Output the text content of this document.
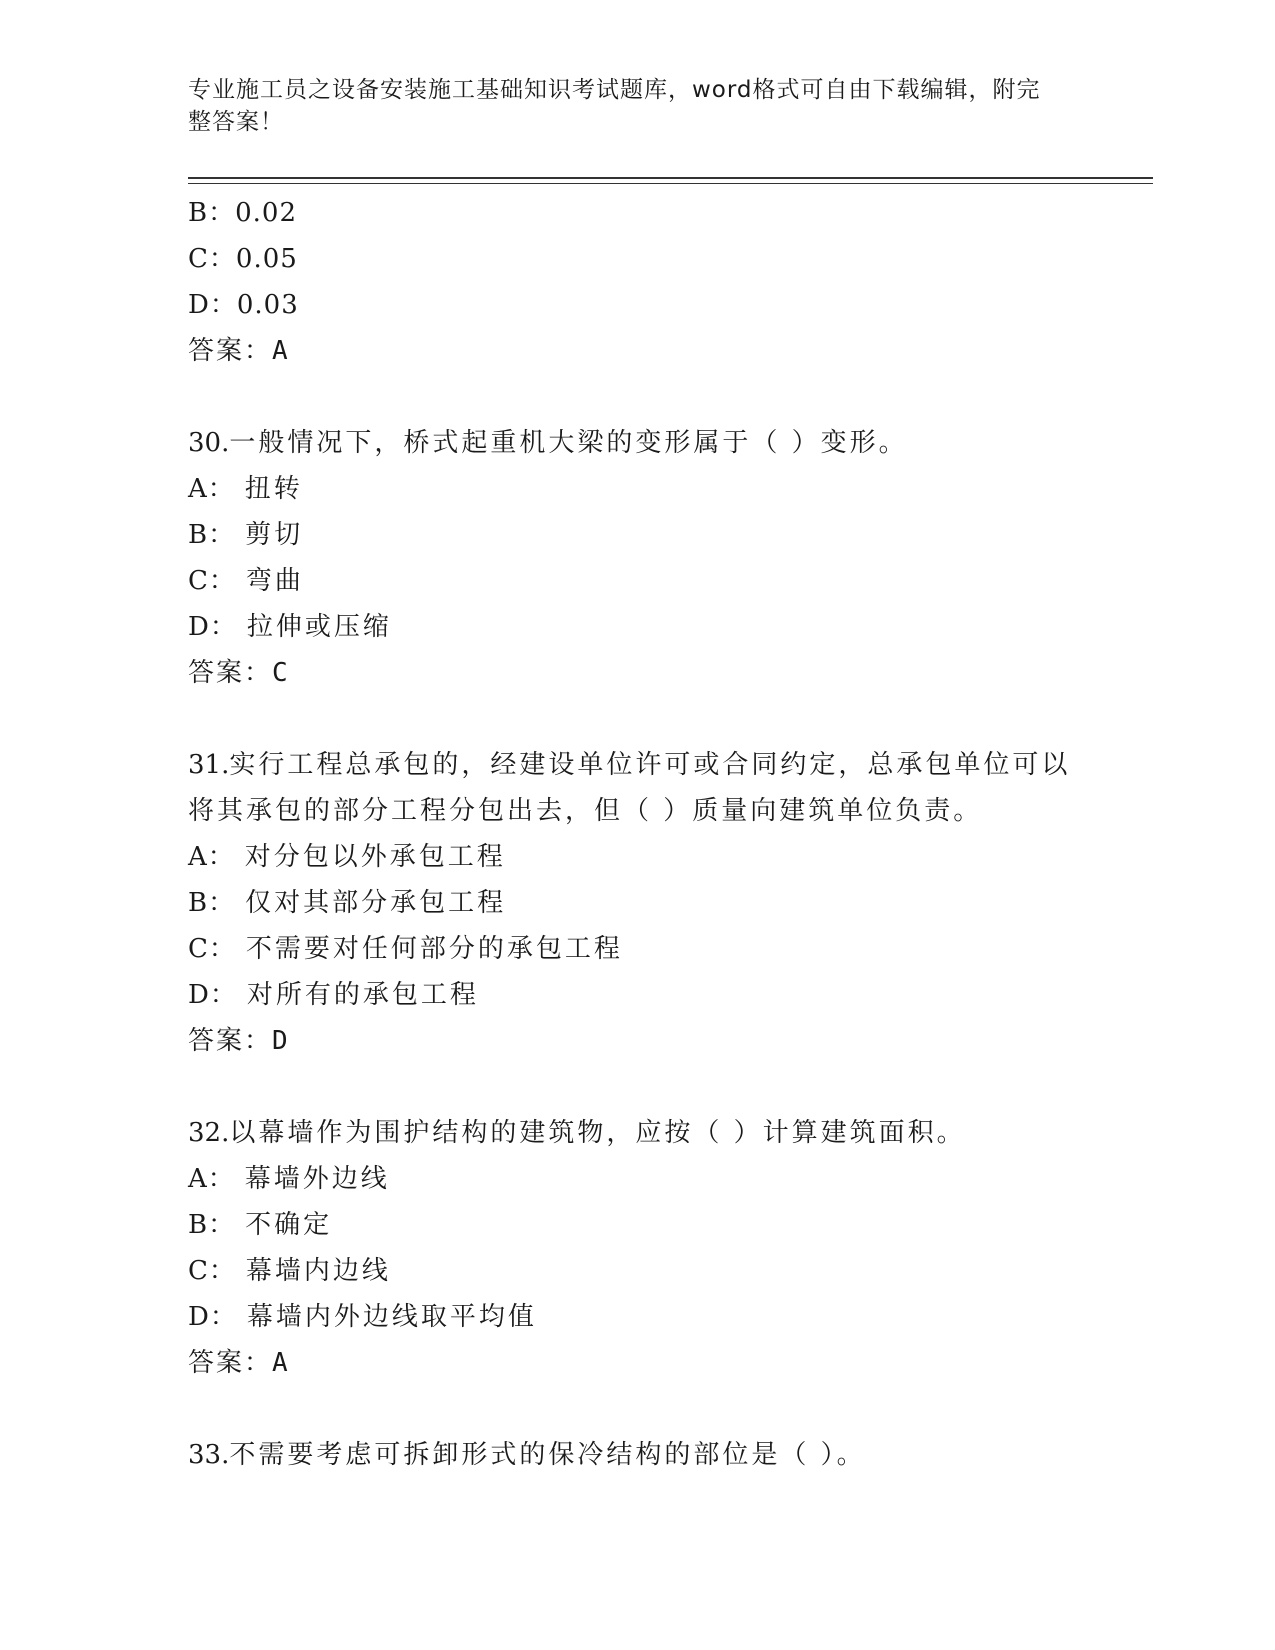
专业施工员之设备安装施工基础知识考试题库，word格式可自由下载编辑，附完
整答案！
B：0.02
C：0.05
D：0.03
答案：A
30.一般情况下，桥式起重机大梁的变形属于（ ）变形。
A： 扭转
B： 剪切
C： 弯曲
D： 拉伸或压缩
答案：C
31.实行工程总承包的，经建设单位许可或合同约定，总承包单位可以
将其承包的部分工程分包出去，但（ ）质量向建筑单位负责。
A： 对分包以外承包工程
B： 仅对其部分承包工程
C： 不需要对任何部分的承包工程
D： 对所有的承包工程
答案：D
32.以幕墙作为围护结构的建筑物，应按（ ）计算建筑面积。
A： 幕墙外边线
B： 不确定
C： 幕墙内边线
D： 幕墙内外边线取平均值
答案：A
33.不需要考虑可拆卸形式的保冷结构的部位是（ ）。
